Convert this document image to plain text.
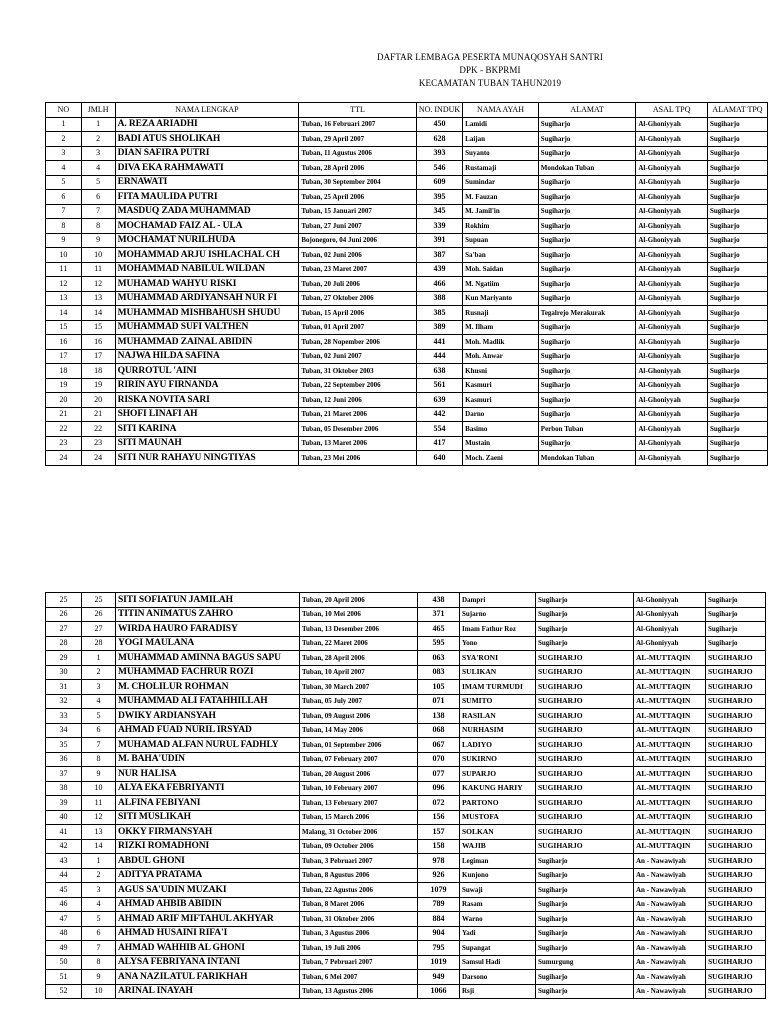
DAFTAR LEMBAGA PESERTA MUNAQOSYAH SANTRI
DPK - BKPRMI
KECAMATAN TUBAN TAHUN2019
NO	JMLH	NAMA LENGKAP	TTL	NO. INDUK	NAMA AYAH	ALAMAT	ASAL TPQ	ALAMAT TPQ
1	1	A. REZA ARIADHI	Tuban, 16 Februari 2007	450	Lamidi	Sugiharjo	Al-Ghoniyyah	Sugiharjo
2	2	BADI ATUS SHOLIKAH	Tuban, 29 April 2007	628	Laijan	Sugiharjo	Al-Ghoniyyah	Sugiharjo
3	3	DIAN SAFIRA PUTRI	Tuban, 11 Agustus 2006	393	Suyanto	Sugiharjo	Al-Ghoniyyah	Sugiharjo
4	4	DIVA EKA RAHMAWATI	Tuban, 28 April 2006	546	Rustamaji	Mondokan Tuban	Al-Ghoniyyah	Sugiharjo
5	5	ERNAWATI	Tuban, 30 September 2004	609	Sumindar	Sugiharjo	Al-Ghoniyyah	Sugiharjo
6	6	FITA MAULIDA PUTRI	Tuban, 25 April 2006	395	M. Fauzan	Sugiharjo	Al-Ghoniyyah	Sugiharjo
7	7	MASDUQ ZADA MUHAMMAD	Tuban, 15 Januari 2007	345	M. Jamil'in	Sugiharjo	Al-Ghoniyyah	Sugiharjo
8	8	MOCHAMAD FAIZ AL - ULA	Tuban, 27 Juni 2007	339	Rokhim	Sugiharjo	Al-Ghoniyyah	Sugiharjo
9	9	MOCHAMAT NURILHUDA	Bojonegoro, 04 Juni 2006	391	Supuan	Sugiharjo	Al-Ghoniyyah	Sugiharjo
10	10	MOHAMMAD ARJU ISHLACHAL CH	Tuban, 02 Juni 2006	387	Sa'ban	Sugiharjo	Al-Ghoniyyah	Sugiharjo
11	11	MOHAMMAD NABILUL WILDAN	Tuban, 23 Maret 2007	439	Moh. Saidan	Sugiharjo	Al-Ghoniyyah	Sugiharjo
12	12	MUHAMAD WAHYU RISKI	Tuban, 20 Juli 2006	466	M. Ngatiim	Sugiharjo	Al-Ghoniyyah	Sugiharjo
13	13	MUHAMMAD ARDIYANSAH NUR FI	Tuban, 27 Oktober 2006	388	Kun Mariyanto	Sugiharjo	Al-Ghoniyyah	Sugiharjo
14	14	MUHAMMAD MISHBAHUSH SHUDU	Tuban, 15 April 2006	385	Rusnaji	Tegalrejo Merakurak	Al-Ghoniyyah	Sugiharjo
15	15	MUHAMMAD SUFI VALTHEN	Tuban, 01 April 2007	389	M. Ilham	Sugiharjo	Al-Ghoniyyah	Sugiharjo
16	16	MUHAMMAD ZAINAL ABIDIN	Tuban, 28 Nopember 2006	441	Moh. Madlik	Sugiharjo	Al-Ghoniyyah	Sugiharjo
17	17	NAJWA HILDA SAFINA	Tuban, 02 Juni 2007	444	Moh. Anwar	Sugiharjo	Al-Ghoniyyah	Sugiharjo
18	18	QURROTUL 'AINI	Tuban, 31 Oktober 2003	638	Khusni	Sugiharjo	Al-Ghoniyyah	Sugiharjo
19	19	RIRIN AYU FIRNANDA	Tuban, 22 September 2006	561	Kasmuri	Sugiharjo	Al-Ghoniyyah	Sugiharjo
20	20	RISKA NOVITA SARI	Tuban, 12 Juni 2006	639	Kasmuri	Sugiharjo	Al-Ghoniyyah	Sugiharjo
21	21	SHOFI LINAFI AH	Tuban, 21 Maret 2006	442	Darno	Sugiharjo	Al-Ghoniyyah	Sugiharjo
22	22	SITI KARINA	Tuban, 05 Desember 2006	554	Basimo	Perbon Tuban	Al-Ghoniyyah	Sugiharjo
23	23	SITI MAUNAH	Tuban, 13 Maret 2006	417	Mustain	Sugiharjo	Al-Ghoniyyah	Sugiharjo
24	24	SITI NUR RAHAYU NINGTIYAS	Tuban, 23 Mei 2006	640	Moch. Zaeni	Mondokan Tuban	Al-Ghoniyyah	Sugiharjo
25	25	SITI SOFIATUN JAMILAH	Tuban, 20 April 2006	438	Dampri	Sugiharjo	Al-Ghoniyyah	Sugiharjo
26	26	TITIN ANIMATUS ZAHRO	Tuban, 10 Mei 2006	371	Sujarno	Sugiharjo	Al-Ghoniyyah	Sugiharjo
27	27	WIRDA HAURO FARADISY	Tuban, 13 Desember 2006	465	Imam Fathur Roz	Sugiharjo	Al-Ghoniyyah	Sugiharjo
28	28	YOGI MAULANA	Tuban, 22 Maret 2006	595	Yono	Sugiharjo	Al-Ghoniyyah	Sugiharjo
29	1	MUHAMMAD AMINNA BAGUS SAPU	Tuban, 28 April 2006	063	SYA'RONI	SUGIHARJO	AL-MUTTAQIN	SUGIHARJO
30	2	MUHAMMAD FACHRUR ROZI	Tuban, 10 April 2007	083	SULIKAN	SUGIHARJO	AL-MUTTAQIN	SUGIHARJO
31	3	M. CHOLILUR ROHMAN	Tuban, 30 March 2007	105	IMAM TURMUDI	SUGIHARJO	AL-MUTTAQIN	SUGIHARJO
32	4	MUHAMMAD ALI FATAHHILLAH	Tuban, 05 July 2007	071	SUMITO	SUGIHARJO	AL-MUTTAQIN	SUGIHARJO
33	5	DWIKY ARDIANSYAH	Tuban, 09 August 2006	138	RASILAN	SUGIHARJO	AL-MUTTAQIN	SUGIHARJO
34	6	AHMAD FUAD NURIL IRSYAD	Tuban, 14 May 2006	068	NURHASIM	SUGIHARJO	AL-MUTTAQIN	SUGIHARJO
35	7	MUHAMAD ALFAN NURUL FADHLY	Tuban, 01 September 2006	067	LADIYO	SUGIHARJO	AL-MUTTAQIN	SUGIHARJO
36	8	M. BAHA'UDIN	Tuban, 07 February 2007	070	SUKIRNO	SUGIHARJO	AL-MUTTAQIN	SUGIHARJO
37	9	NUR HALISA	Tuban, 20 August 2006	077	SUPARJO	SUGIHARJO	AL-MUTTAQIN	SUGIHARJO
38	10	ALYA EKA FEBRIYANTI	Tuban, 10 February 2007	096	KAKUNG HARIY	SUGIHARJO	AL-MUTTAQIN	SUGIHARJO
39	11	ALFINA FEBIYANI	Tuban, 13 February 2007	072	PARTONO	SUGIHARJO	AL-MUTTAQIN	SUGIHARJO
40	12	SITI MUSLIKAH	Tuban, 15 March 2006	156	MUSTOFA	SUGIHARJO	AL-MUTTAQIN	SUGIHARJO
41	13	OKKY FIRMANSYAH	Malang, 31 October 2006	157	SOLKAN	SUGIHARJO	AL-MUTTAQIN	SUGIHARJO
42	14	RIZKI ROMADHONI	Tuban, 09 October 2006	158	WAJIB	SUGIHARJO	AL-MUTTAQIN	SUGIHARJO
43	1	ABDUL GHONI	Tuban, 3 Pebruari 2007	978	Legiman	Sugiharjo	An - Nawawiyah	SUGIHARJO
44	2	ADITYA PRATAMA	Tuban, 8 Agustus 2006	926	Kunjono	Sugiharjo	An - Nawawiyah	SUGIHARJO
45	3	AGUS SA'UDIN MUZAKI	Tuban, 22 Agustus 2006	1079	Suwaji	Sugiharjo	An - Nawawiyah	SUGIHARJO
46	4	AHMAD AHBIB ABIDIN	Tuban, 8 Maret 2006	789	Rasam	Sugiharjo	An - Nawawiyah	SUGIHARJO
47	5	AHMAD ARIF MIFTAHUL AKHYAR	Tuban, 31 Oktober 2006	884	Warno	Sugiharjo	An - Nawawiyah	SUGIHARJO
48	6	AHMAD HUSAINI RIFA'I	Tuban, 3 Agustus 2006	904	Yadi	Sugiharjo	An - Nawawiyah	SUGIHARJO
49	7	AHMAD WAHHIB AL GHONI	Tuban, 19 Juli 2006	795	Supangat	Sugiharjo	An - Nawawiyah	SUGIHARJO
50	8	ALYSA FEBRIYANA INTANI	Tuban, 7 Pebruari 2007	1019	Samsul Hadi	Sumurgung	An - Nawawiyah	SUGIHARJO
51	9	ANA NAZILATUL FARIKHAH	Tuban, 6 Mei 2007	949	Darsono	Sugiharjo	An - Nawawiyah	SUGIHARJO
52	10	ARINAL INAYAH	Tuban, 13 Agustus 2006	1066	Rsji	Sugiharjo	An - Nawawiyah	SUGIHARJO
